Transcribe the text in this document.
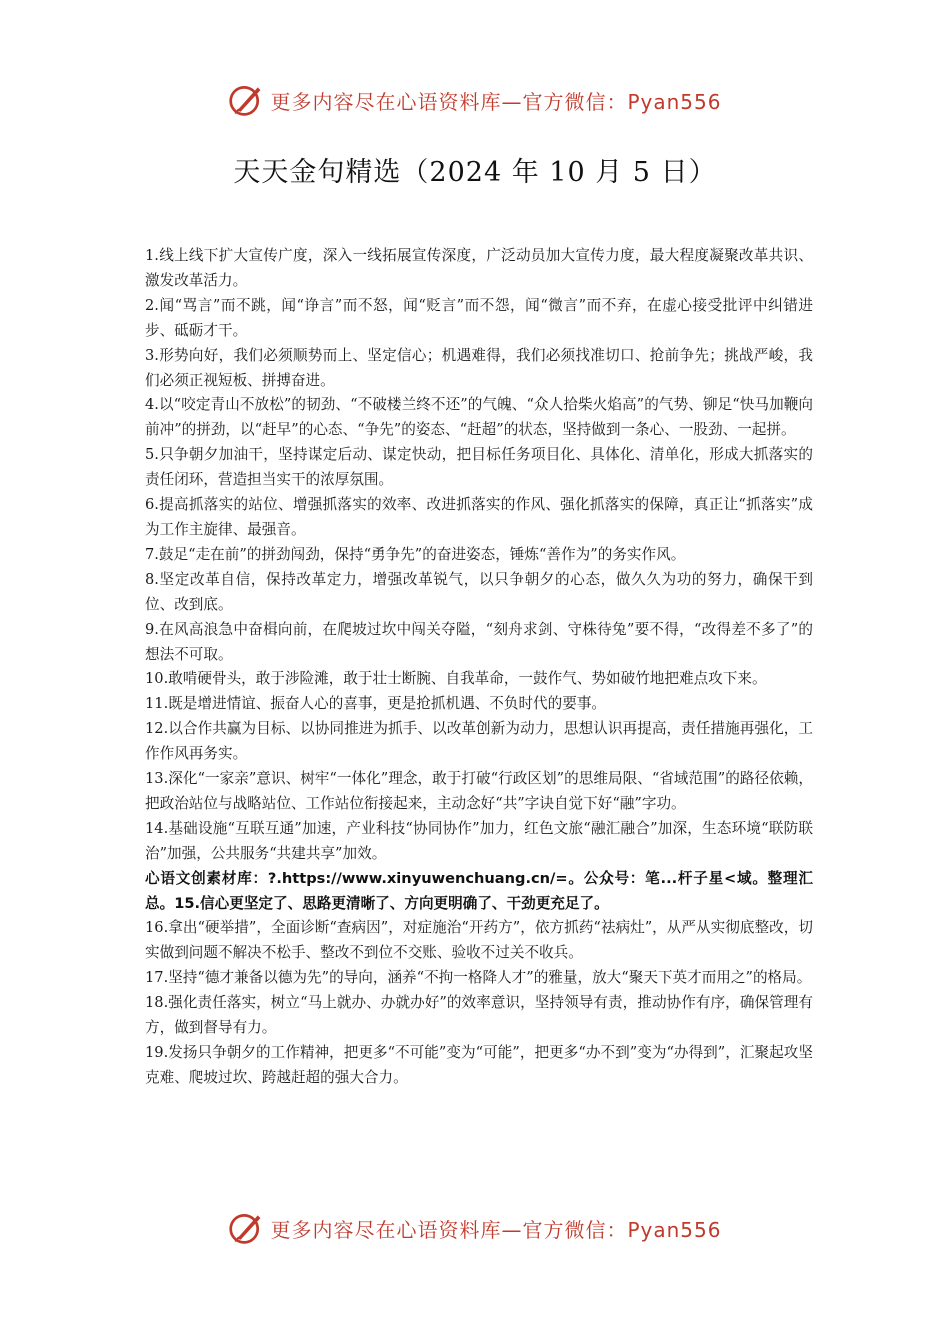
更多内容尽在心语资料库—官方微信：Pyan556
天天金句精选（2024 年 10 月 5 日）

1.线上线下扩大宣传广度，深入一线拓展宣传深度，广泛动员加大宣传力度，最大程度凝聚改革共识、激发改革活力。

2.闻“骂言”而不跳，闻“诤言”而不怒，闻“贬言”而不怨，闻“微言”而不弃，在虚心接受批评中纠错进步、砥砺才干。

3.形势向好，我们必须顺势而上、坚定信心；机遇难得，我们必须找准切口、抢前争先；挑战严峻，我们必须正视短板、拼搏奋进。

4.以“咬定青山不放松”的韧劲、“不破楼兰终不还”的气魄、“众人拾柴火焰高”的气势、铆足“快马加鞭向前冲”的拼劲，以“赶早”的心态、“争先”的姿态、“赶超”的状态，坚持做到一条心、一股劲、一起拼。

5.只争朝夕加油干，坚持谋定后动、谋定快动，把目标任务项目化、具体化、清单化，形成大抓落实的责任闭环，营造担当实干的浓厚氛围。

6.提高抓落实的站位、增强抓落实的效率、改进抓落实的作风、强化抓落实的保障，真正让“抓落实”成为工作主旋律、最强音。

7.鼓足“走在前”的拼劲闯劲，保持“勇争先”的奋进姿态，锤炼“善作为”的务实作风。

8.坚定改革自信，保持改革定力，增强改革锐气，以只争朝夕的心态，做久久为功的努力，确保干到位、改到底。

9.在风高浪急中奋楫向前，在爬坡过坎中闯关夺隘，“刻舟求剑、守株待兔”要不得，“改得差不多了”的想法不可取。

10.敢啃硬骨头，敢于涉险滩，敢于壮士断腕、自我革命，一鼓作气、势如破竹地把难点攻下来。

11.既是增进情谊、振奋人心的喜事，更是抢抓机遇、不负时代的要事。

12.以合作共赢为目标、以协同推进为抓手、以改革创新为动力，思想认识再提高，责任措施再强化，工作作风再务实。

13.深化“一家亲”意识、树牢“一体化”理念，敢于打破“行政区划”的思维局限、“省域范围”的路径依赖，把政治站位与战略站位、工作站位衔接起来，主动念好“共”字诀自觉下好“融”字功。

14.基础设施“互联互通”加速，产业科技“协同协作”加力，红色文旅“融汇融合”加深，生态环境“联防联治”加强，公共服务“共建共享”加效。

心语文创素材库：?.https://www.xinyuwenchuang.cn/=。公众号：笔...杆子星<域。整理汇总。15.信心更坚定了、思路更清晰了、方向更明确了、干劲更充足了。

16.拿出“硬举措”，全面诊断“查病因”，对症施治“开药方”，依方抓药“祛病灶”，从严从实彻底整改，切实做到问题不解决不松手、整改不到位不交账、验收不过关不收兵。

17.坚持“德才兼备以德为先”的导向，涵养“不拘一格降人才”的雅量，放大“聚天下英才而用之”的格局。

18.强化责任落实，树立“马上就办、办就办好”的效率意识，坚持领导有责，推动协作有序，确保管理有方，做到督导有力。

19.发扬只争朝夕的工作精神，把更多“不可能”变为“可能”，把更多“办不到”变为“办得到”，汇聚起攻坚克难、爬坡过坎、跨越赶超的强大合力。

更多内容尽在心语资料库—官方微信：Pyan556
